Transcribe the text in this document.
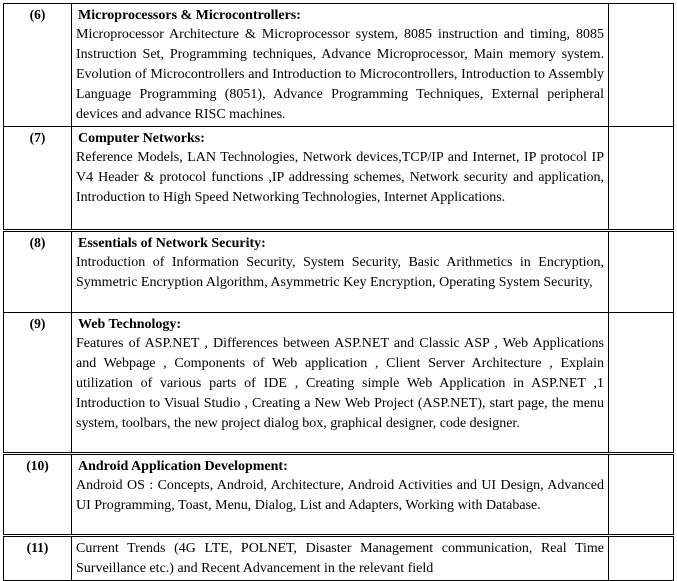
(6)	Microprocessors & Microcontrollers:
Microprocessor Architecture & Microprocessor system, 8085 instruction and timing, 8085 Instruction Set, Programming techniques, Advance Microprocessor, Main memory system. Evolution of Microcontrollers and Introduction to Microcontrollers, Introduction to Assembly Language Programming (8051), Advance Programming Techniques, External peripheral devices and advance RISC machines.	

(7)	Computer Networks:
Reference Models, LAN Technologies, Network devices,TCP/IP and Internet, IP protocol IP V4 Header & protocol functions ,IP addressing schemes, Network security and application, Introduction to High Speed Networking Technologies, Internet Applications.	

(8)	Essentials of Network Security:
Introduction of Information Security, System Security, Basic Arithmetics in Encryption, Symmetric Encryption Algorithm, Asymmetric Key Encryption, Operating System Security,	

(9)	Web Technology:
Features of ASP.NET , Differences between ASP.NET and Classic ASP , Web Applications and Webpage , Components of Web application , Client Server Architecture , Explain utilization of various parts of IDE , Creating simple Web Application in ASP.NET ,1 Introduction to Visual Studio , Creating a New Web Project (ASP.NET), start page, the menu system, toolbars, the new project dialog box, graphical designer, code designer.	

(10)	Android Application Development:
Android OS : Concepts, Android, Architecture, Android Activities and UI Design, Advanced UI Programming, Toast, Menu, Dialog, List and Adapters, Working with Database.	

(11)	Current Trends (4G LTE, POLNET, Disaster Management communication, Real Time Surveillance etc.) and Recent Advancement in the relevant field	
